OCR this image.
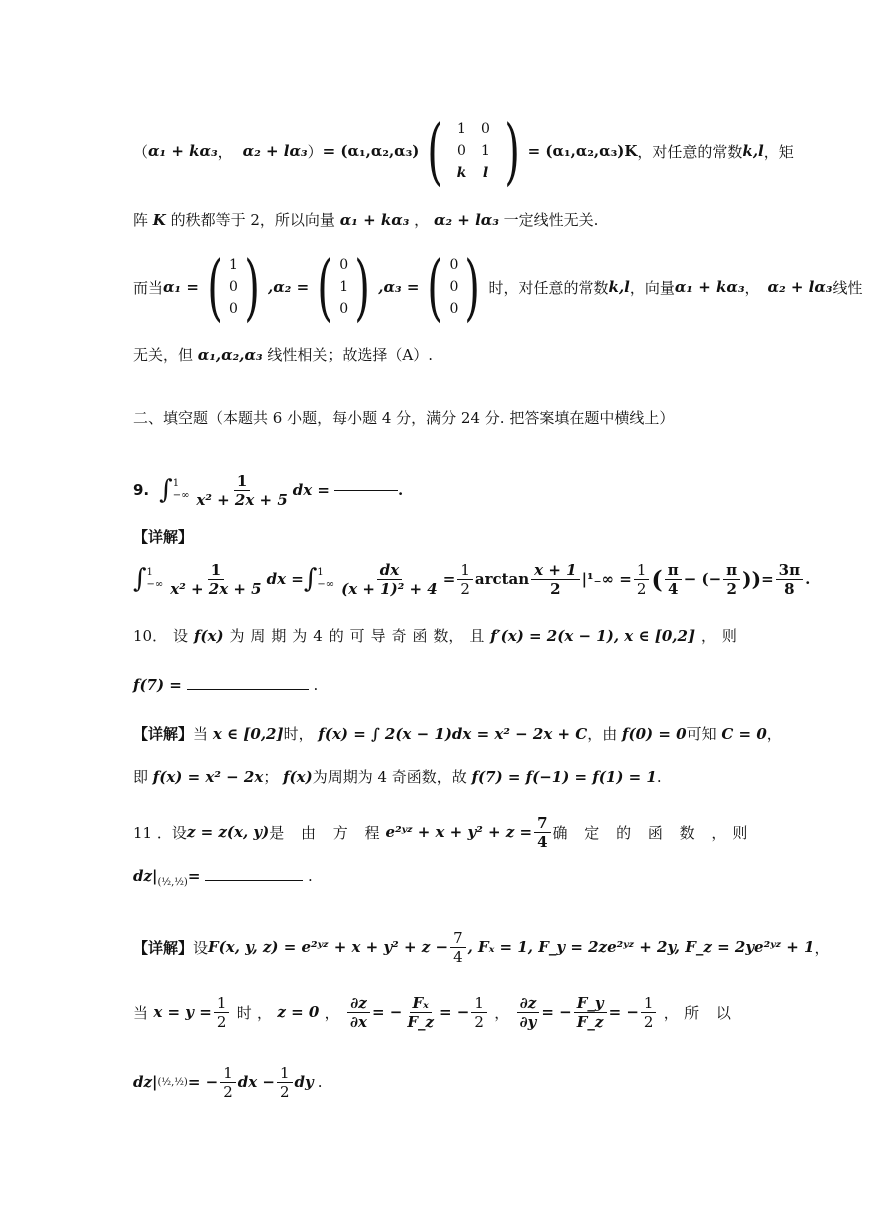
（ α₁ + kα₃ ， α₂ + lα₃ ） = (α₁,α₂,α₃) ( 1	0
0	1
k	l ) = (α₁,α₂,α₃)K ，对任意的常数 k,l ，矩
阵 K 的秩都等于 2，所以向量 α₁ + kα₃ ， α₂ + lα₃ 一定线性无关.
而当 α₁ = ( 1
0
0 ) ,α₂ = ( 0
1
0 ) ,α₃ = ( 0
0
0 ) 时，对任意的常数 k,l ，向量 α₁ + kα₃ ， α₂ + lα₃ 线性
无关，但 α₁,α₂,α₃ 线性相关；故选择（A）.
二、填空题（本题共 6 小题，每小题 4 分，满分 24 分. 把答案填在题中横线上）
9. ∫ 1
−∞ $\frac{1}{\text{x² + 2x + 5}}$ dx =	.
【详解】
∫ 1
−∞ $\frac{1}{\text{x² + 2x + 5}}$ dx = ∫ 1
−∞ $\frac{dx}{\text{(x + 1)² + 4}} = \frac{1}{2}$ $\arctan \frac{x + 1}{2} |^1_-\infty = \frac{1}{2}$ ( $\frac{\pi}{4}$ − (− $\frac{\pi}{2}$ )) = $\frac{3\pi}{8}$ .
10． 设 f(x) 为 周 期 为 4 的 可 导 奇 函 数， 且 f′(x) = 2(x − 1), x ∈ [0,2] ， 则
f(7) =	.
【详解】当 x ∈ [0,2]时， f(x) = ∫ 2(x − 1)dx = x² − 2x + C，由 f(0) = 0可知 C = 0，
即 f(x) = x² − 2x； f(x)为周期为 4 奇函数，故 f(7) = f(−1) = f(1) = 1.
11 ． 设 z = z(x, y) 是 由 方 程 e²ʸᶻ + $x + y^2 + z = \frac{7}{4}$ 确 定 的 函 数 ， 则
$dz|_{(\frac{1}{2},\frac{1}{2})}=$	.
【详解】 设 F(x, y, z) = e²ʸᶻ + $x + y^2 + z - \frac{7}{4}$ , Fₓ = 1, F_y = 2ze²ʸᶻ + 2y, F_z = 2ye²ʸᶻ + 1 ，
当 $x = y = \frac{1}{2}$ 时 ， z = 0 ， $\frac{\partial z}{\partial x}$ = − $\frac{\text{Fₓ}}{F\_z}$ = − $\frac{1}{2}$ ， $\frac{\partial z}{\partial y}$ = − $\frac{F\_y}{F\_z}$ = − $\frac{1}{2}$ ， 所 以
dz| (½,½) = − $\frac{1}{2}$ dx − $\frac{1}{2}$ dy .
